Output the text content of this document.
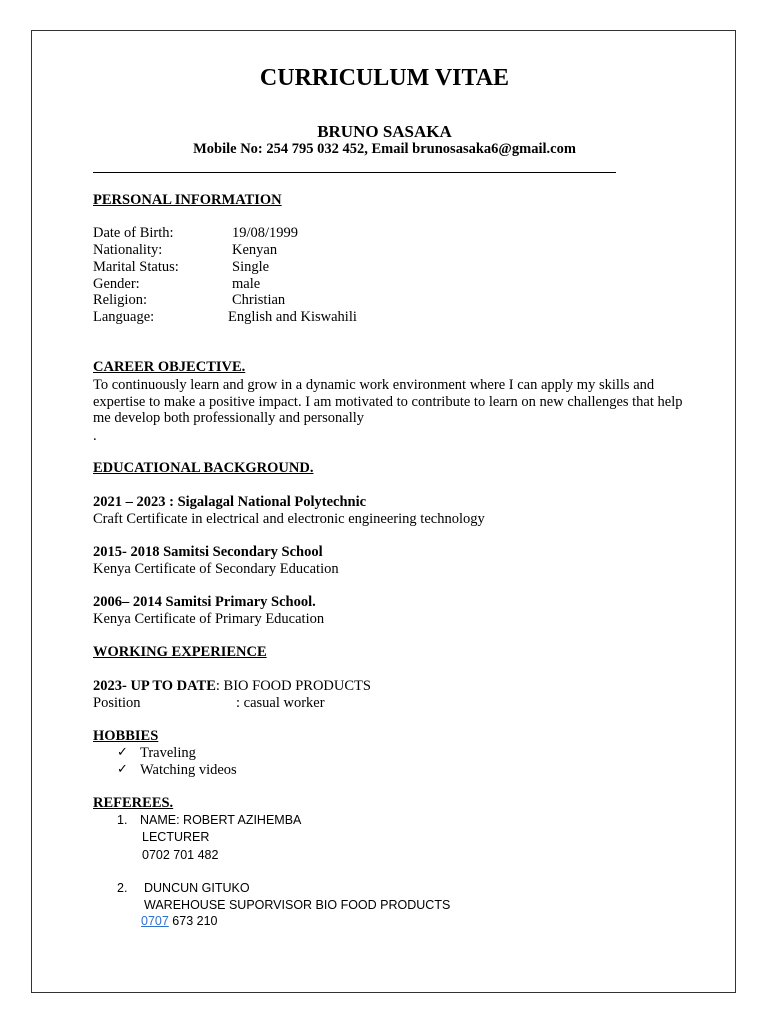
CURRICULUM VITAE
BRUNO SASAKA
Mobile No: 254 795 032 452, Email brunosasaka6@gmail.com
PERSONAL INFORMATION
Date of Birth:	19/08/1999
Nationality:	Kenyan
Marital Status:	Single
Gender:	male
Religion:	Christian
Language:	English and Kiswahili
CAREER OBJECTIVE.
To continuously learn and grow in a dynamic work environment where I can apply my skills and expertise to make a positive impact. I am motivated to contribute to learn on new challenges that help me develop both professionally and personally
.
EDUCATIONAL BACKGROUND.
2021 – 2023 : Sigalagal National Polytechnic
Craft Certificate in electrical and electronic engineering technology
2015- 2018 Samitsi Secondary School
Kenya Certificate of Secondary Education
2006– 2014 Samitsi Primary School.
Kenya Certificate of Primary Education
WORKING EXPERIENCE
2023- UP TO DATE: BIO FOOD PRODUCTS
Position	: casual worker
HOBBIES
✓ Traveling
✓ Watching videos
REFEREES.
1. NAME: ROBERT AZIHEMBA
LECTURER
0702 701 482
2. DUNCUN GITUKO
WAREHOUSE SUPORVISOR BIO FOOD PRODUCTS
0707 673 210
